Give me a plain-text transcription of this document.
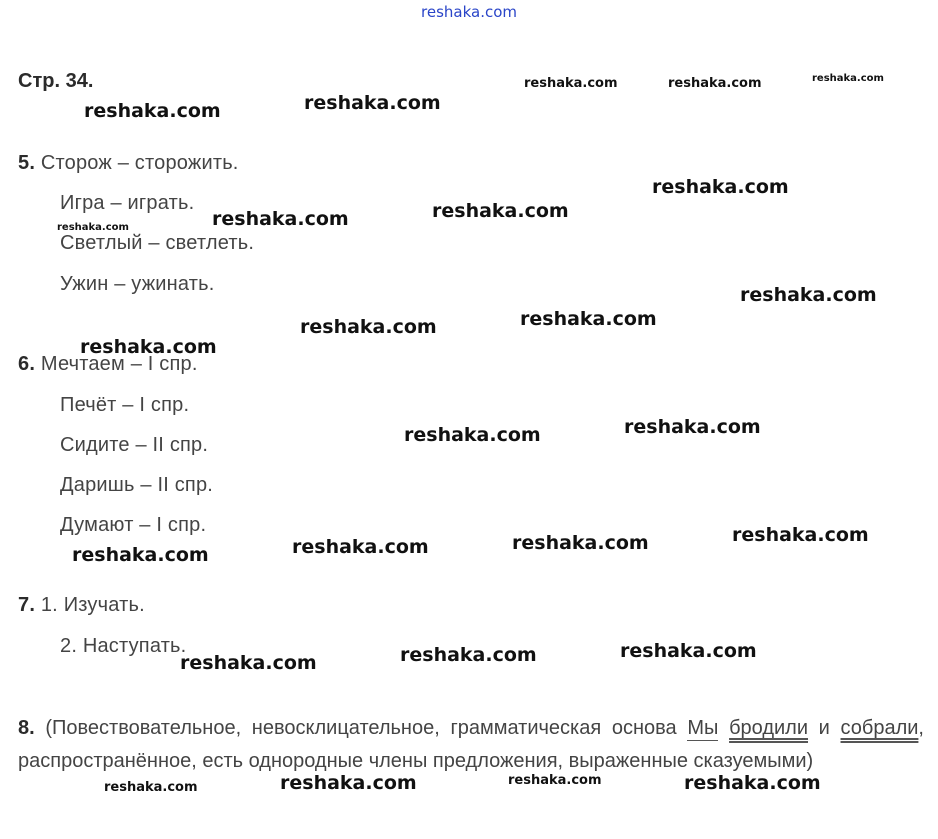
reshaka.com
Стр. 34.
5. Сторож – сторожить.
Игра – играть.
Светлый – светлеть.
Ужин – ужинать.
6. Мечтаем – I спр.
Печёт – I спр.
Сидите – II спр.
Даришь – II спр.
Думают – I спр.
7. 1. Изучать.
2. Наступать.
8. (Повествовательное, невосклицательное, грамматическая основа Мы бродили и собрали, распространённое, есть однородные члены предложения, выраженные сказуемыми)
reshaka.com	reshaka.com
reshaka.com	reshaka.com	reshaka.com
reshaka.com
reshaka.com	reshaka.com
reshaka.com
reshaka.com
reshaka.com	reshaka.com
reshaka.com
reshaka.com	reshaka.com
reshaka.com
reshaka.com	reshaka.com	reshaka.com
reshaka.com	reshaka.com	reshaka.com
reshaka.com	reshaka.com
reshaka.com	reshaka.com
